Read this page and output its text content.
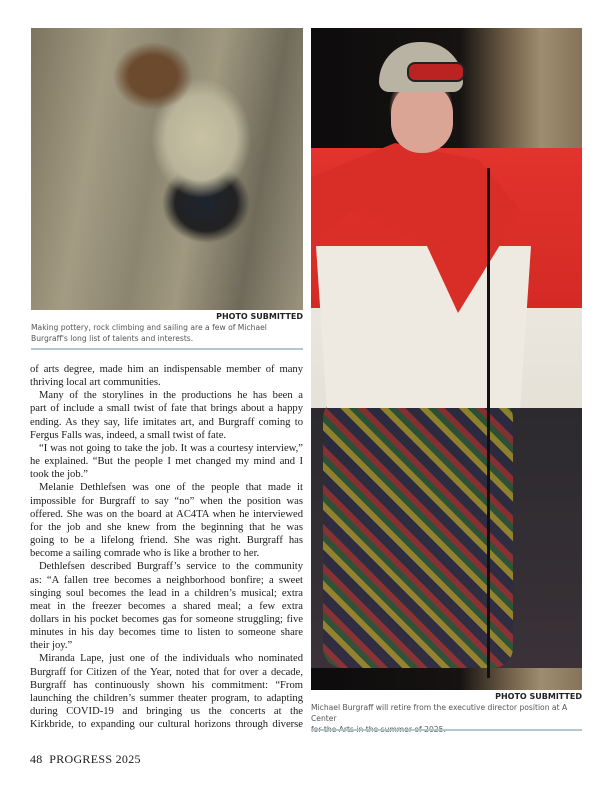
PHOTO SUBMITTED
Making pottery, rock climbing and sailing are a few of Michael
Burgraff's long list of talents and interests.
PHOTO SUBMITTED
Michael Burgraff will retire from the executive director position at A Center
of arts degree, made him an indispensable member of many
thriving local art communities.
Many of the storylines in the productions he has been a
part of include a small twist of fate that brings about a happy
ending. As they say, life imitates art, and Burgraff coming to
Fergus Falls was, indeed, a small twist of fate.
“I was not going to take the job. It was a courtesy interview,”
he explained. “But the people I met changed my mind and I
took the job.”
Melanie Dethlefsen was one of the people that made it
impossible for Burgraff to say “no” when the position was
offered. She was on the board at AC4TA when he interviewed
for the job and she knew from the beginning that he was
going to be a lifelong friend. She was right. Burgraff has
become a sailing comrade who is like a brother to her.
Dethlefsen described Burgraff’s service to the community
as: “A fallen tree becomes a neighborhood bonfire; a sweet
singing soul becomes the lead in a children’s musical; extra
meat in the freezer becomes a shared meal; a few extra
dollars in his pocket becomes gas for someone struggling; five
minutes in his day becomes time to listen to someone share
their joy.”
Miranda Lape, just one of the individuals who nominated
Burgraff for Citizen of the Year, noted that for over a decade,
Burgraff has continuously shown his commitment: “From
launching the children’s summer theater program, to adapting
during COVID-19 and bringing us the concerts at the
Kirkbride, to expanding our cultural horizons through diverse
48 PROGRESS 2025
